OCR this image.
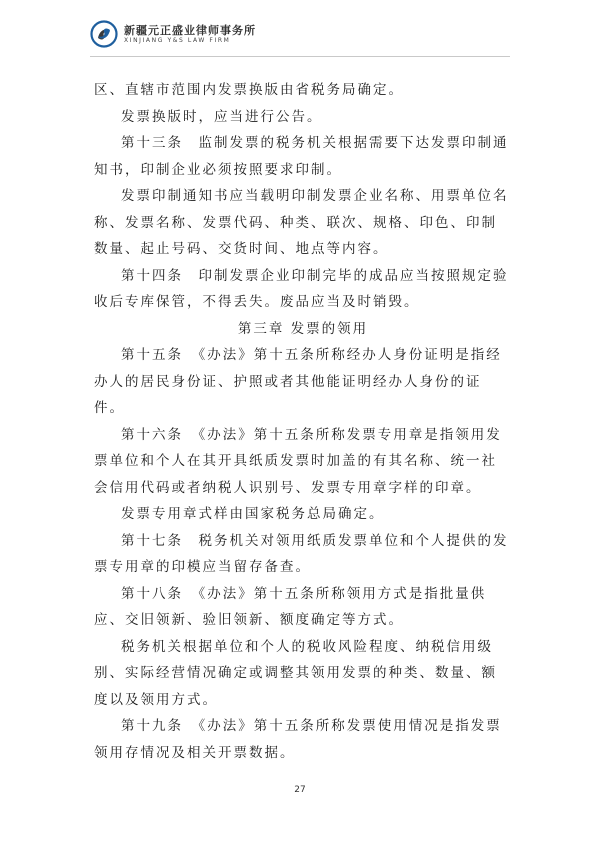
新疆元正盛业律师事务所
XINJIANG Y&S LAW FIRM

区、直辖市范围内发票换版由省税务局确定。

发票换版时，应当进行公告。

第十三条　监制发票的税务机关根据需要下达发票印制通知书，印制企业必须按照要求印制。

发票印制通知书应当载明印制发票企业名称、用票单位名称、发票名称、发票代码、种类、联次、规格、印色、印制数量、起止号码、交货时间、地点等内容。

第十四条　印制发票企业印制完毕的成品应当按照规定验收后专库保管，不得丢失。废品应当及时销毁。

第三章 发票的领用

第十五条　《办法》第十五条所称经办人身份证明是指经办人的居民身份证、护照或者其他能证明经办人身份的证件。

第十六条　《办法》第十五条所称发票专用章是指领用发票单位和个人在其开具纸质发票时加盖的有其名称、统一社会信用代码或者纳税人识别号、发票专用章字样的印章。

发票专用章式样由国家税务总局确定。

第十七条　税务机关对领用纸质发票单位和个人提供的发票专用章的印模应当留存备查。

第十八条　《办法》第十五条所称领用方式是指批量供应、交旧领新、验旧领新、额度确定等方式。

税务机关根据单位和个人的税收风险程度、纳税信用级别、实际经营情况确定或调整其领用发票的种类、数量、额度以及领用方式。

第十九条　《办法》第十五条所称发票使用情况是指发票领用存情况及相关开票数据。

27
